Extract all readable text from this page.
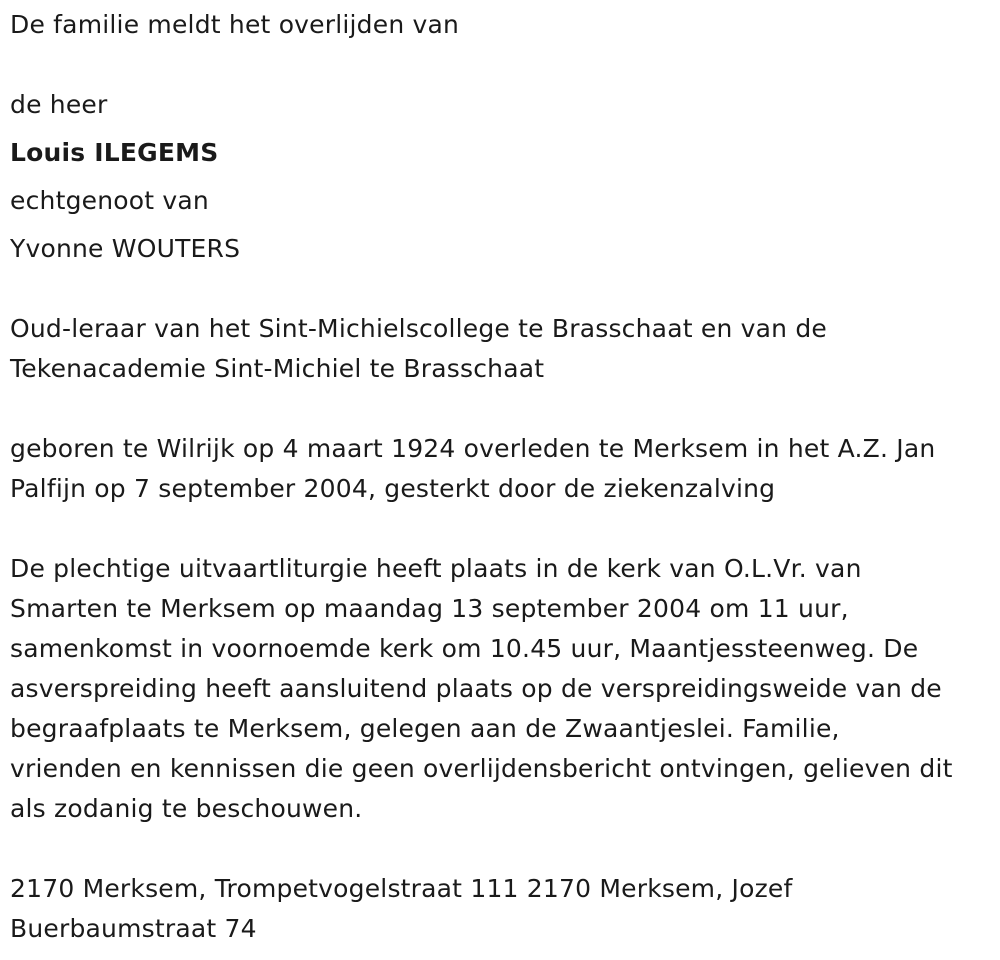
De familie meldt het overlijden van
de heer
Louis ILEGEMS
echtgenoot van
Yvonne WOUTERS
Oud-leraar van het Sint-Michielscollege te Brasschaat en van de
Tekenacademie Sint-Michiel te Brasschaat
geboren te Wilrijk op 4 maart 1924 overleden te Merksem in het A.Z. Jan
Palfijn op 7 september 2004, gesterkt door de ziekenzalving
De plechtige uitvaartliturgie heeft plaats in de kerk van O.L.Vr. van
Smarten te Merksem op maandag 13 september 2004 om 11 uur,
samenkomst in voornoemde kerk om 10.45 uur, Maantjessteenweg. De
asverspreiding heeft aansluitend plaats op de verspreidingsweide van de
begraafplaats te Merksem, gelegen aan de Zwaantjeslei. Familie,
vrienden en kennissen die geen overlijdensbericht ontvingen, gelieven dit
als zodanig te beschouwen.
2170 Merksem, Trompetvogelstraat 111 2170 Merksem, Jozef
Buerbaumstraat 74
